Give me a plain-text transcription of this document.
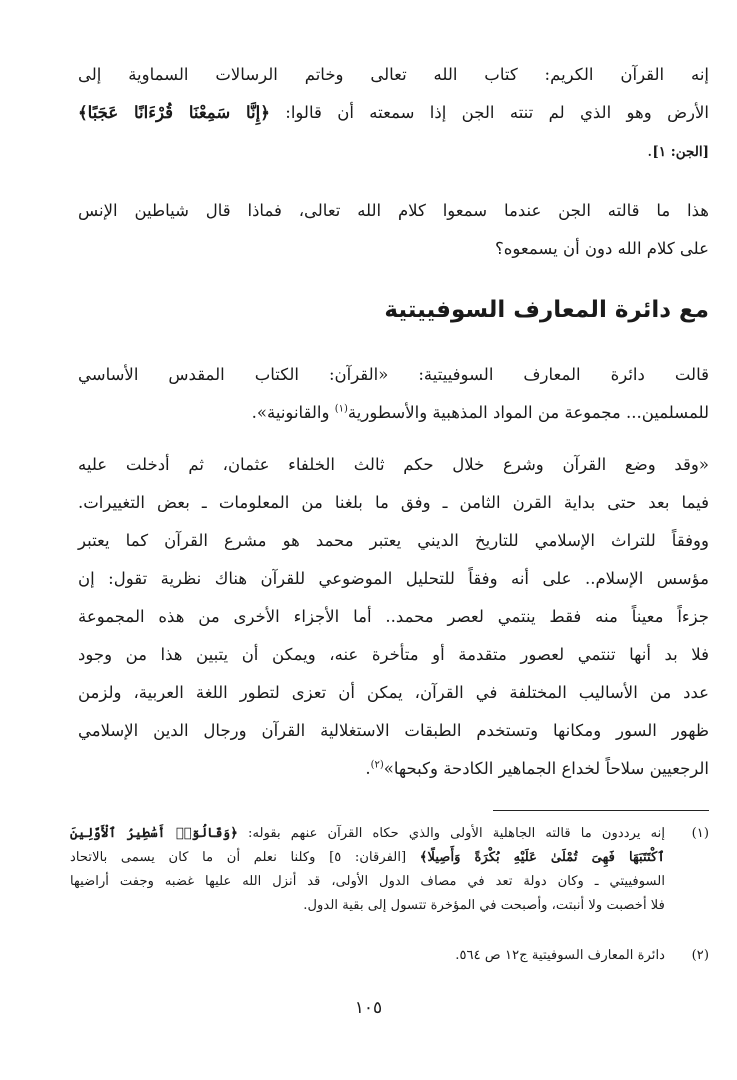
إنه القرآن الكريم: كتاب الله تعالى وخاتم الرسالات السماوية إلى
الأرض وهو الذي لم تنته الجن إذا سمعته أن قالوا: ﴿إِنَّا سَمِعْنَا قُرْءَانًا عَجَبًا﴾
[الجن: ١].
هذا ما قالته الجن عندما سمعوا كلام الله تعالى، فماذا قال شياطين الإنس
على كلام الله دون أن يسمعوه؟
مع دائرة المعارف السوفييتية
قالت دائرة المعارف السوفييتية: «القرآن: الكتاب المقدس الأساسي
للمسلمين... مجموعة من المواد المذهبية والأسطورية$^{(١)}$ والقانونية».
«وقد وضع القرآن وشرع خلال حكم ثالث الخلفاء عثمان، ثم أدخلت عليه
فيما بعد حتى بداية القرن الثامن ـ وفق ما بلغنا من المعلومات ـ بعض التغييرات.
ووفقاً للتراث الإسلامي للتاريخ الديني يعتبر محمد هو مشرع القرآن كما يعتبر
مؤسس الإسلام.. على أنه وفقاً للتحليل الموضوعي للقرآن هناك نظرية تقول: إن
جزءاً معيناً منه فقط ينتمي لعصر محمد.. أما الأجزاء الأخرى من هذه المجموعة
فلا بد أنها تنتمي لعصور متقدمة أو متأخرة عنه، ويمكن أن يتبين هذا من وجود
عدد من الأساليب المختلفة في القرآن، يمكن أن تعزى لتطور اللغة العربية، ولزمن
ظهور السور ومكانها وتستخدم الطبقات الاستغلالية القرآن ورجال الدين الإسلامي
الرجعيين سلاحاً لخداع الجماهير الكادحة وكبحها»$^{(٢)}$.
(١)
إنه يرددون ما قالته الجاهلية الأولى والذي حكاه القرآن عنهم بقوله: ﴿وَقَالُوٓا۟ أَسَٰطِيرُ ٱلْأَوَّلِينَ
ٱكْتَتَبَهَا فَهِىَ تُمْلَىٰ عَلَيْهِ بُكْرَةً وَأَصِيلًا﴾ [الفرقان: ٥] وكلنا نعلم أن ما كان يسمى بالاتحاد
السوفييتي ـ وكان دولة تعد في مصاف الدول الأولى، قد أنزل الله عليها غضبه وجفت أراضيها
فلا أخصبت ولا أنبتت، وأصبحت في المؤخرة تتسول إلى بقية الدول.
(٢)
دائرة المعارف السوفيتية ج١٢ ص ٥٦٤.
١٠٥
